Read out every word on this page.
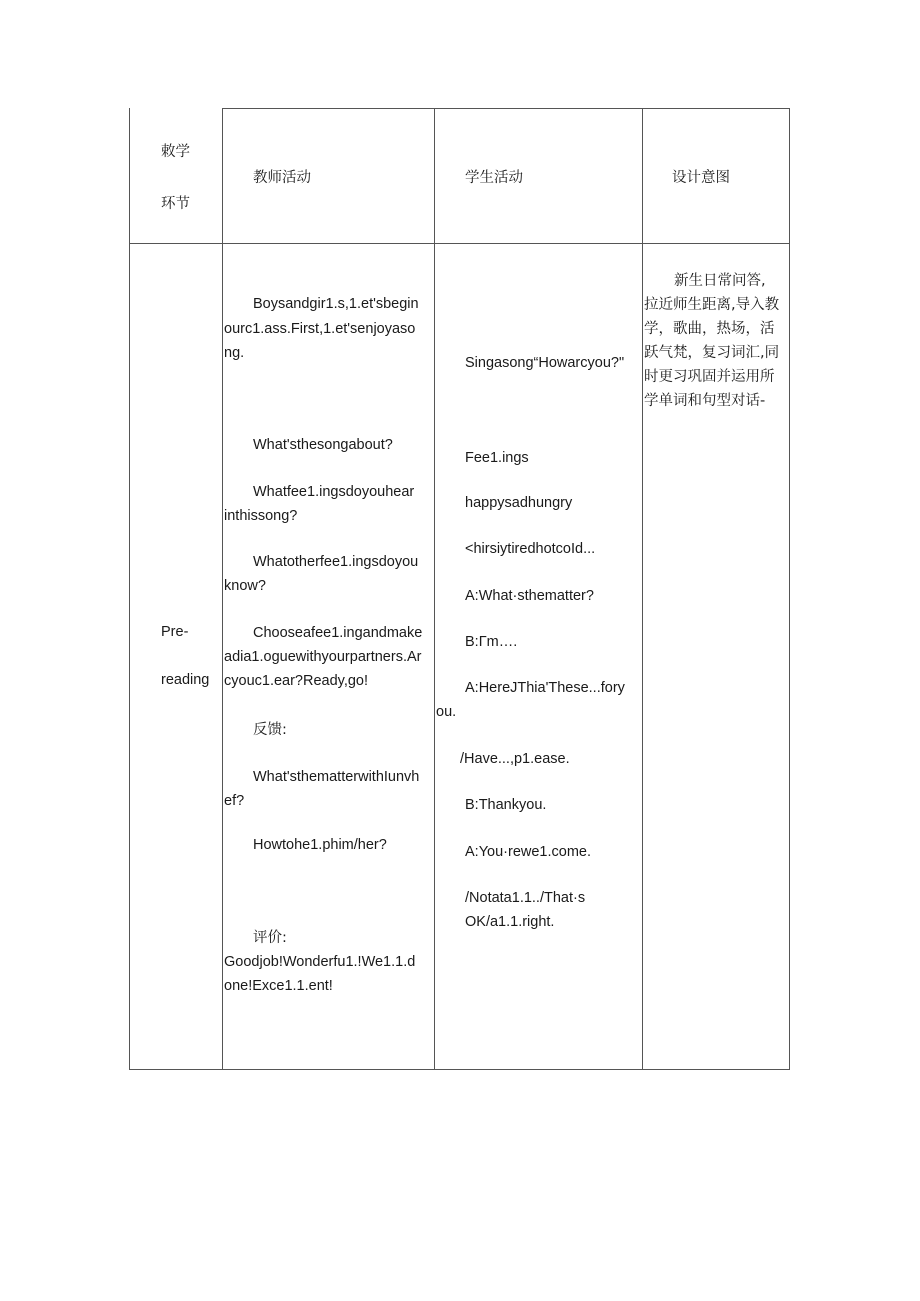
敕学
环节
教师活动	学生活动	设计意图
Pre-
reading
Boysandgir1.s,1.et'sbegin
ourc1.ass.First,1.et'senjoyaso
ng.
What'sthesongabout?
Whatfee1.ingsdoyouhear
inthissong?
Whatotherfee1.ingsdoyou
know?
Chooseafee1.ingandmake
adia1.oguewithyourpartners.Ar
cyouc1.ear?Ready,go!
反馈:
What'sthematterwithIunvh
ef?
Howtohe1.phim/her?
评价:
Goodjob!Wonderfu1.!We1.1.d
one!Exce1.1.ent!
Singasong“Howarcyou?"
Fee1.ings
happysadhungry
<hirsiytiredhotcoId...
A:What·sthematter?
B:Γm….
A:HereJThia'These...fory
ou.
/Have...,p1.ease.
B:Thankyou.
A:You·rewe1.come.
/Notata1.1../That·s
OK/a1.1.right.
新生日常问答,
拉近师生距离,导入教
学，歌曲，热场，活
跃气梵，复习词汇,同
时更习巩固并运用所
学单词和句型对话-
